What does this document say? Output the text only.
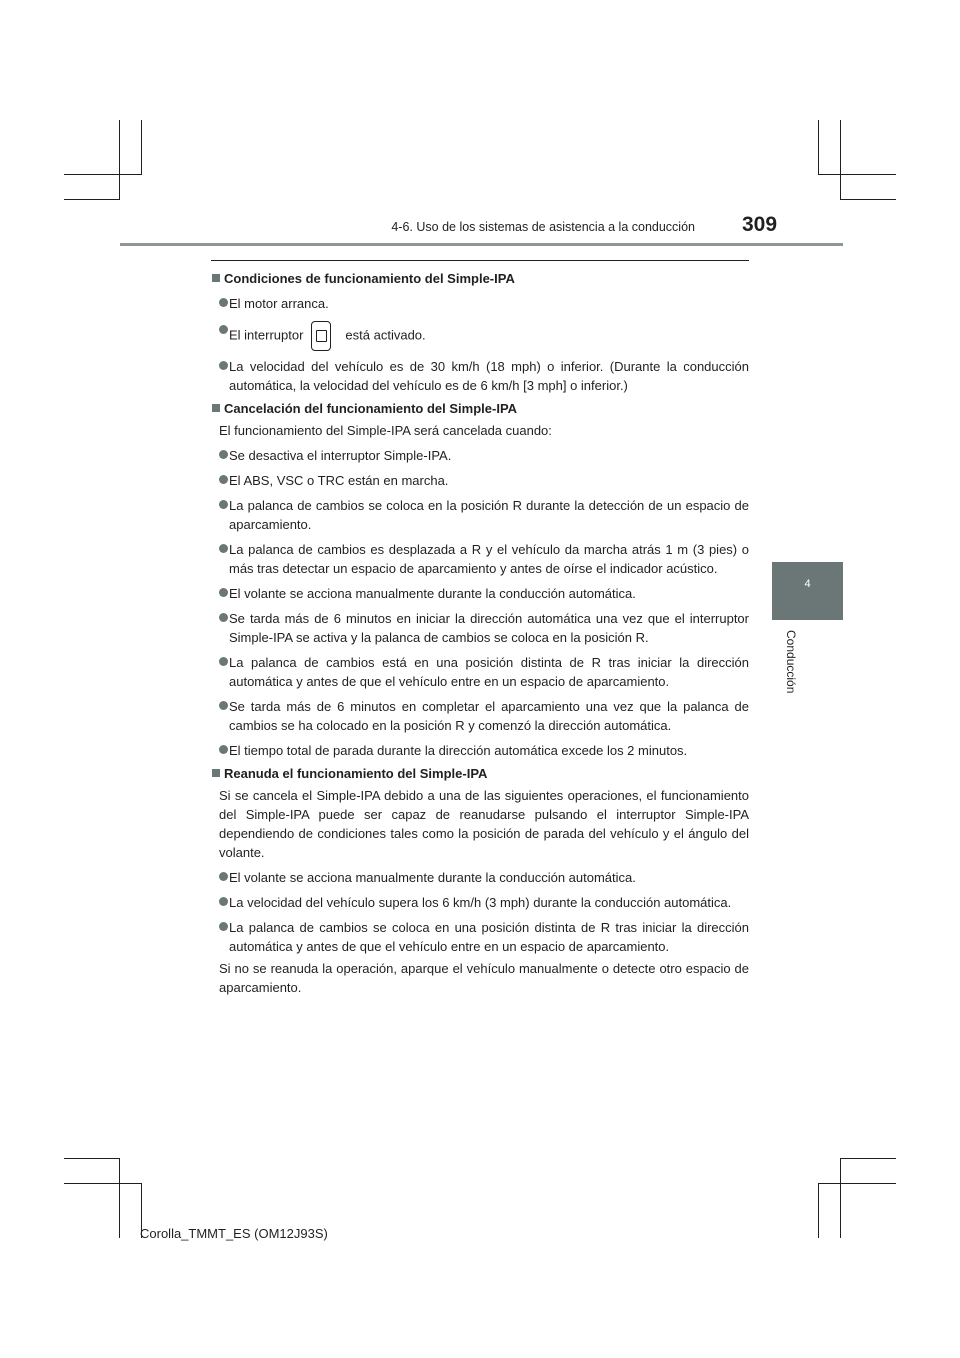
4-6. Uso de los sistemas de asistencia a la conducción 309
4
Conducción
Condiciones de funcionamiento del Simple-IPA
El motor arranca.
El interruptor	está activado.
La velocidad del vehículo es de 30 km/h (18 mph) o inferior. (Durante la conducción automática, la velocidad del vehículo es de 6 km/h [3 mph] o inferior.)
Cancelación del funcionamiento del Simple-IPA
El funcionamiento del Simple-IPA será cancelada cuando:
Se desactiva el interruptor Simple-IPA.
El ABS, VSC o TRC están en marcha.
La palanca de cambios se coloca en la posición R durante la detección de un espacio de aparcamiento.
La palanca de cambios es desplazada a R y el vehículo da marcha atrás 1 m (3 pies) o más tras detectar un espacio de aparcamiento y antes de oírse el indicador acústico.
El volante se acciona manualmente durante la conducción automática.
Se tarda más de 6 minutos en iniciar la dirección automática una vez que el interruptor Simple-IPA se activa y la palanca de cambios se coloca en la posición R.
La palanca de cambios está en una posición distinta de R tras iniciar la dirección automática y antes de que el vehículo entre en un espacio de aparcamiento.
Se tarda más de 6 minutos en completar el aparcamiento una vez que la palanca de cambios se ha colocado en la posición R y comenzó la dirección automática.
El tiempo total de parada durante la dirección automática excede los 2 minutos.
Reanuda el funcionamiento del Simple-IPA
Si se cancela el Simple-IPA debido a una de las siguientes operaciones, el funcionamiento del Simple-IPA puede ser capaz de reanudarse pulsando el interruptor Simple-IPA dependiendo de condiciones tales como la posición de parada del vehículo y el ángulo del volante.
El volante se acciona manualmente durante la conducción automática.
La velocidad del vehículo supera los 6 km/h (3 mph) durante la conducción automática.
La palanca de cambios se coloca en una posición distinta de R tras iniciar la dirección automática y antes de que el vehículo entre en un espacio de aparcamiento.
Si no se reanuda la operación, aparque el vehículo manualmente o detecte otro espacio de aparcamiento.
Corolla_TMMT_ES (OM12J93S)
